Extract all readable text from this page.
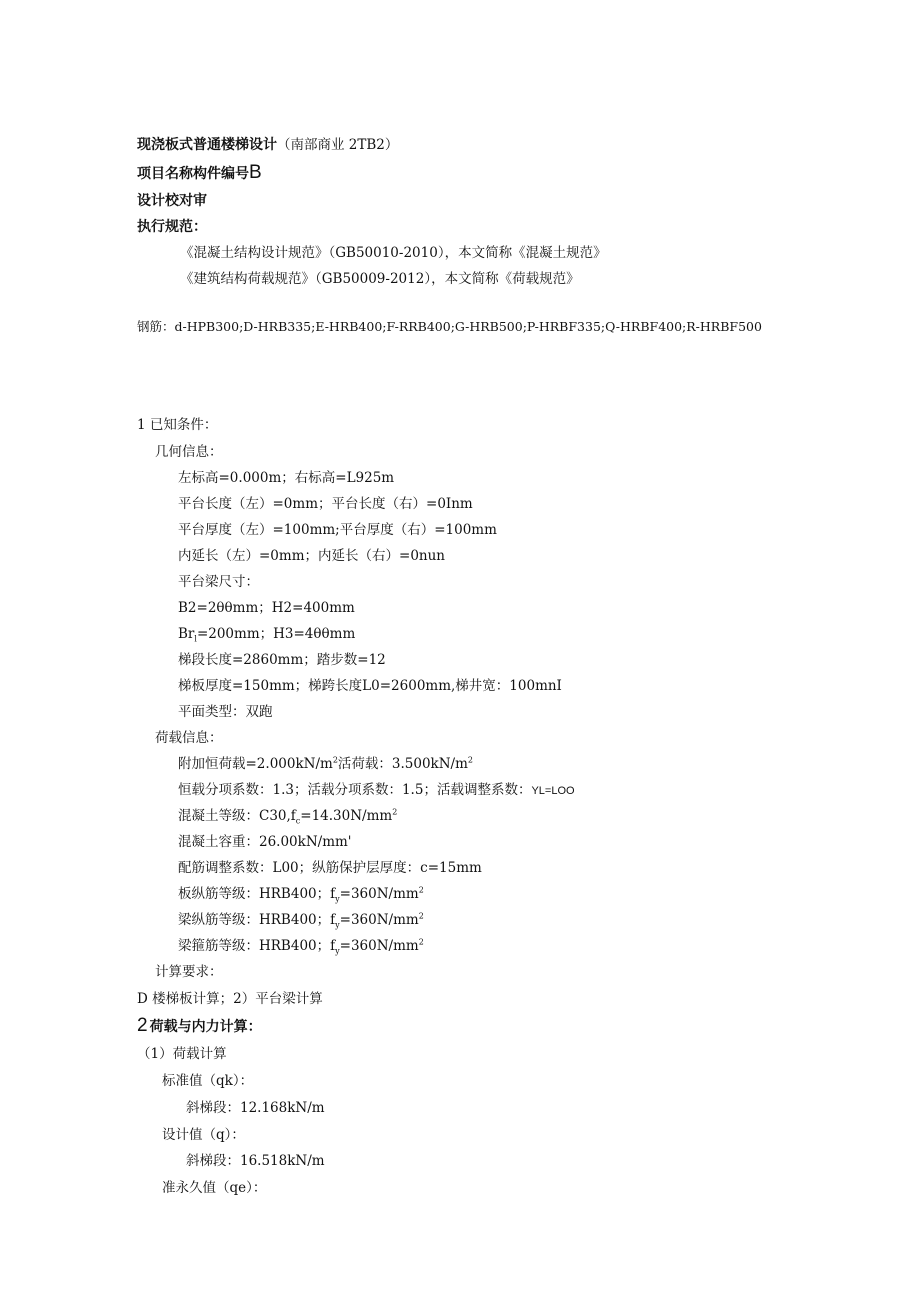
现浇板式普通楼梯设计（南部商业 2TB2）
项目名称构件编号B
设计校对审
执行规范：
《混凝土结构设计规范》（GB50010-2010），本文简称《混凝土规范》
《建筑结构荷载规范》（GB50009-2012），本文简称《荷载规范》
钢筋：d-HPB300;D-HRB335;E-HRB400;F-RRB400;G-HRB500;P-HRBF335;Q-HRBF400;R-HRBF500
1 已知条件：
几何信息：
左标高=0.000m；右标高=L925m
平台长度（左）=0mm；平台长度（右）=0Inm
平台厚度（左）=100mm;平台厚度（右）=100mm
内延长（左）=0mm；内延长（右）=0nun
平台梁尺寸：
B2=2θθmm；H2=400mm
$Br_l=200mm$；H3=4θθmm
梯段长度=2860mm；踏步数=12
梯板厚度=150mm；梯跨长度L0=2600mm,梯井宽：100mnI
平面类型：双跑
荷载信息：
附加恒荷载$=2.000kN/m^2$活荷载：$3.500kN/m^2$
恒载分项系数：1.3；活载分项系数：1.5；活载调整系数：YL=LOO
混凝土等级：$C30,f_c=14.30N/mm^2$
混凝土容重：26.00kN/mm'
配筋调整系数：L00；纵筋保护层厚度：c=15mm
板纵筋等级：HRB400；$f_y=360N/mm^2$
梁纵筋等级：HRB400；$f_y=360N/mm^2$
梁箍筋等级：HRB400；$f_y=360N/mm^2$
计算要求：
D 楼梯板计算；2）平台梁计算
2 荷载与内力计算：
（1）荷载计算
标准值（qk）：
斜梯段：12.168kN/m
设计值（q）：
斜梯段：16.518kN/m
准永久值（qe）：
